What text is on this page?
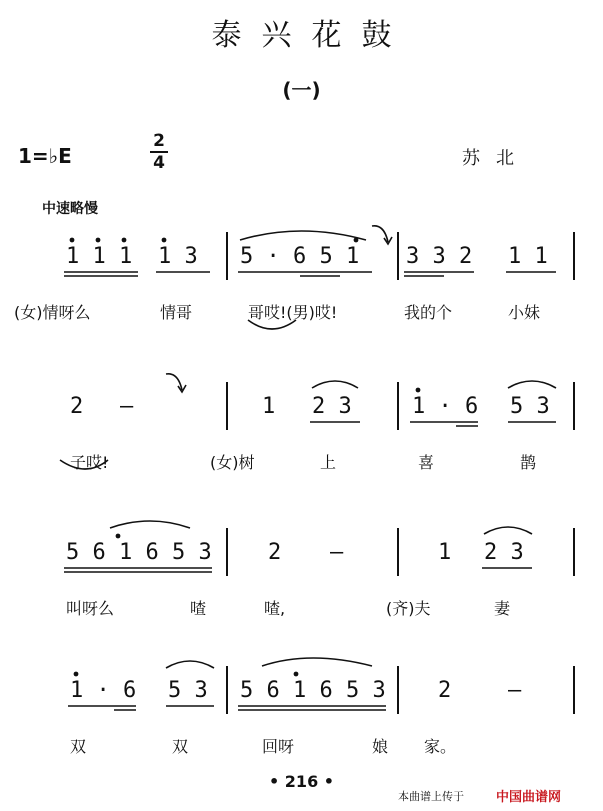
泰兴花鼓
(一)
1=♭E
2
4	苏北
中速略慢
1 1 1 1 3 5 · 6 5 1 3 3 2 1 1
(女)情呀么	情哥	哥哎!(男)哎!	我的个	小妹
2 —	1 2 3	1 · 6 5 3
子哎!	(女)树	上	喜	鹊
5 6 1 6 5 3	2 —	1 2 3
叫呀么	喳	喳,	(齐)夫	妻
1 · 6 5 3 5 6 1 6 5 3 2	—
双	双	回呀	娘 家。
• 216 •
本曲谱上传于 中国曲谱网
